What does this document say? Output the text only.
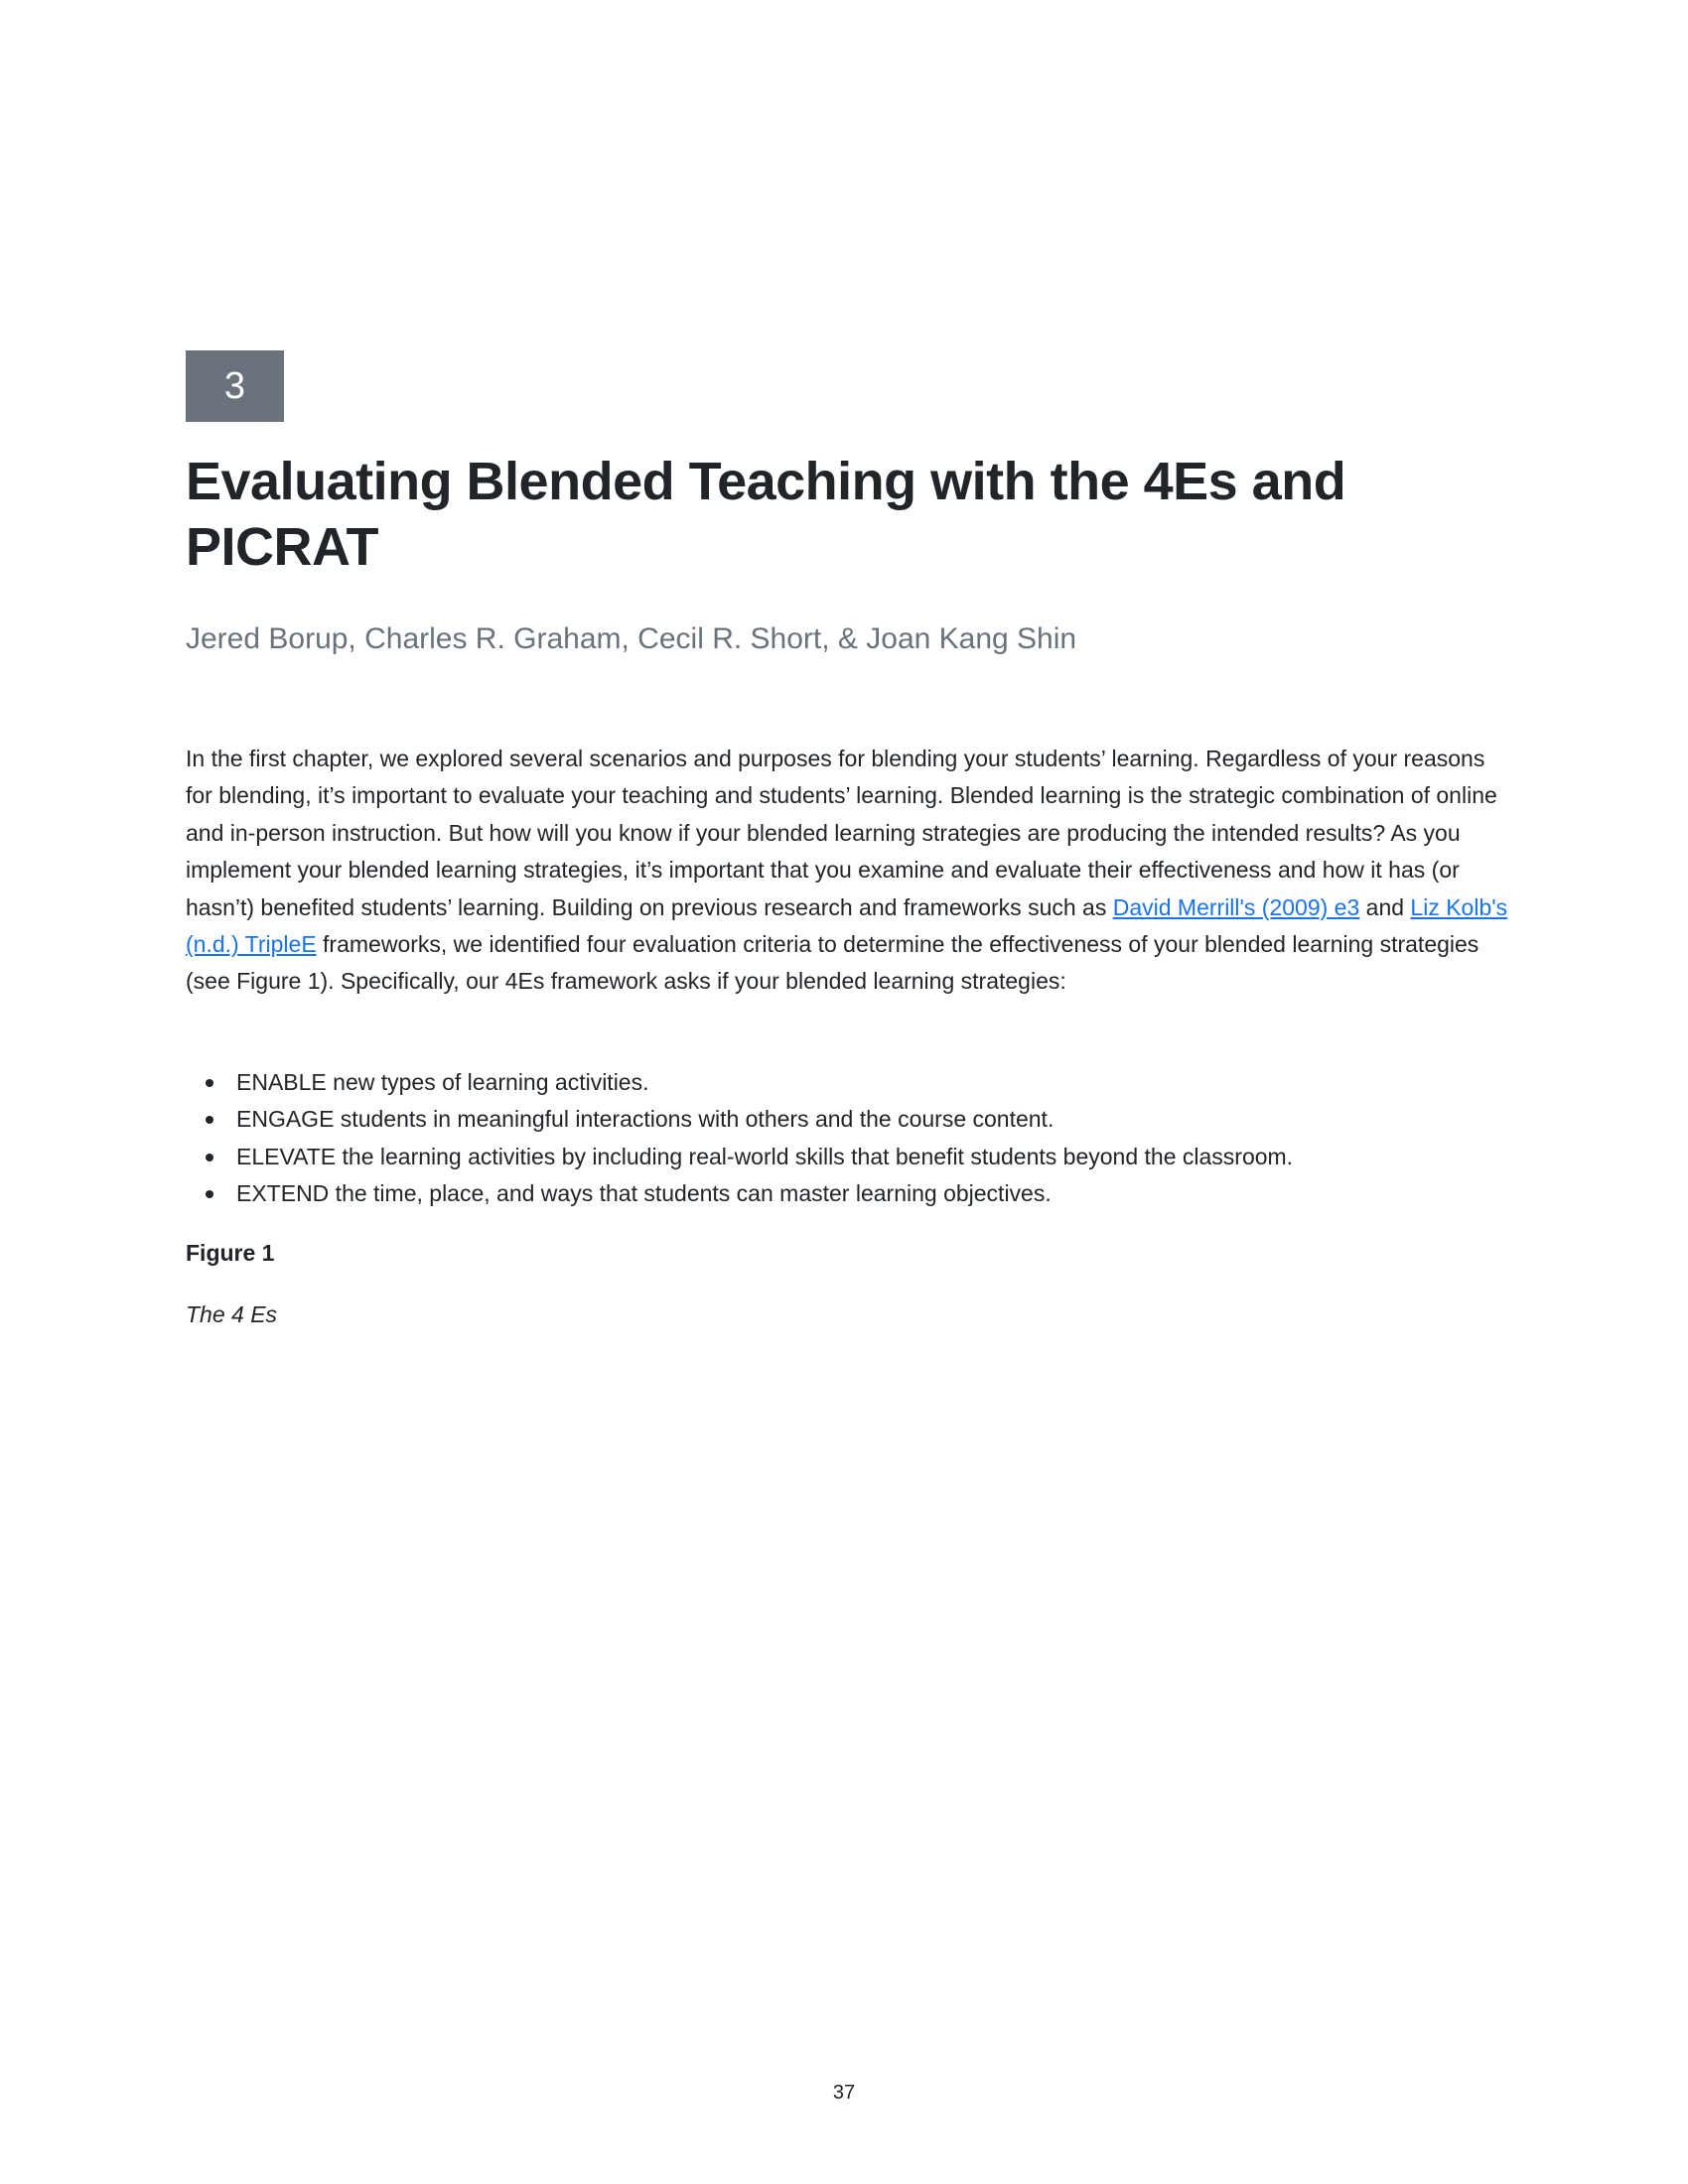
3
Evaluating Blended Teaching with the 4Es and PICRAT

Jered Borup, Charles R. Graham, Cecil R. Short, & Joan Kang Shin

In the first chapter, we explored several scenarios and purposes for blending your students’ learning. Regardless of your reasons for blending, it’s important to evaluate your teaching and students’ learning. Blended learning is the strategic combination of online and in-person instruction. But how will you know if your blended learning strategies are producing the intended results? As you implement your blended learning strategies, it’s important that you examine and evaluate their effectiveness and how it has (or hasn’t) benefited students’ learning. Building on previous research and frameworks such as David Merrill's (2009) e3 and Liz Kolb's (n.d.) TripleE frameworks, we identified four evaluation criteria to determine the effectiveness of your blended learning strategies (see Figure 1). Specifically, our 4Es framework asks if your blended learning strategies:

ENABLE new types of learning activities.
ENGAGE students in meaningful interactions with others and the course content.
ELEVATE the learning activities by including real-world skills that benefit students beyond the classroom.
EXTEND the time, place, and ways that students can master learning objectives.

Figure 1

The 4 Es

37
